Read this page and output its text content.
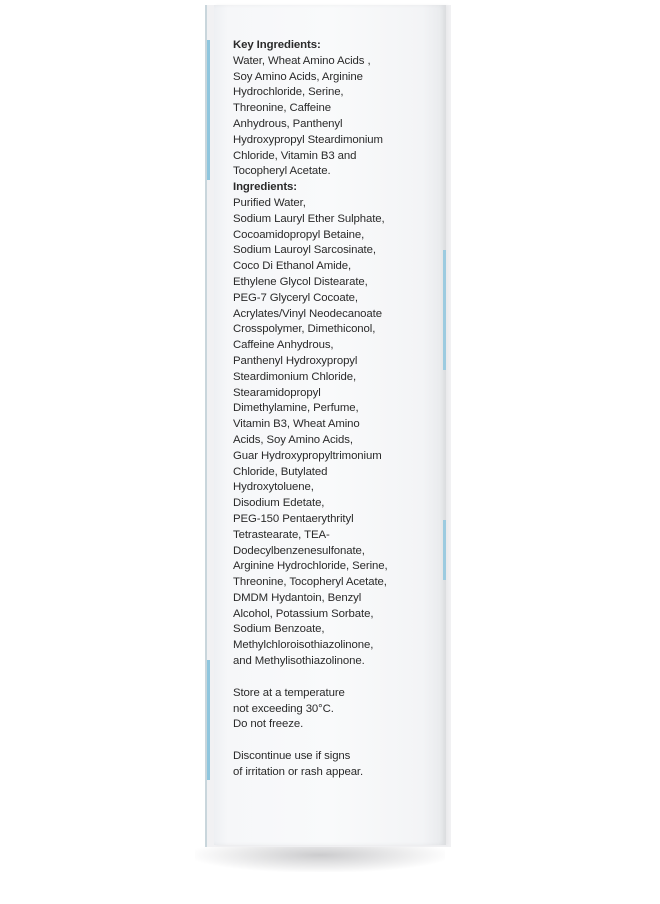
Key Ingredients:
Water, Wheat Amino Acids ,
Soy Amino Acids, Arginine
Hydrochloride, Serine,
Threonine, Caffeine
Anhydrous, Panthenyl
Hydroxypropyl Steardimonium
Chloride, Vitamin B3 and
Tocopheryl Acetate.
Ingredients:
Purified Water,
Sodium Lauryl Ether Sulphate,
Cocoamidopropyl Betaine,
Sodium Lauroyl Sarcosinate,
Coco Di Ethanol Amide,
Ethylene Glycol Distearate,
PEG-7 Glyceryl Cocoate,
Acrylates/Vinyl Neodecanoate
Crosspolymer, Dimethiconol,
Caffeine Anhydrous,
Panthenyl Hydroxypropyl
Steardimonium Chloride,
Stearamidopropyl
Dimethylamine, Perfume,
Vitamin B3, Wheat Amino
Acids, Soy Amino Acids,
Guar Hydroxypropyltrimonium
Chloride, Butylated
Hydroxytoluene,
Disodium Edetate,
PEG-150 Pentaerythrityl
Tetrastearate, TEA-
Dodecylbenzenesulfonate,
Arginine Hydrochloride, Serine,
Threonine, Tocopheryl Acetate,
DMDM Hydantoin, Benzyl
Alcohol, Potassium Sorbate,
Sodium Benzoate,
Methylchloroisothiazolinone,
and Methylisothiazolinone.
Store at a temperature
not exceeding 30°C.
Do not freeze.
Discontinue use if signs
of irritation or rash appear.
